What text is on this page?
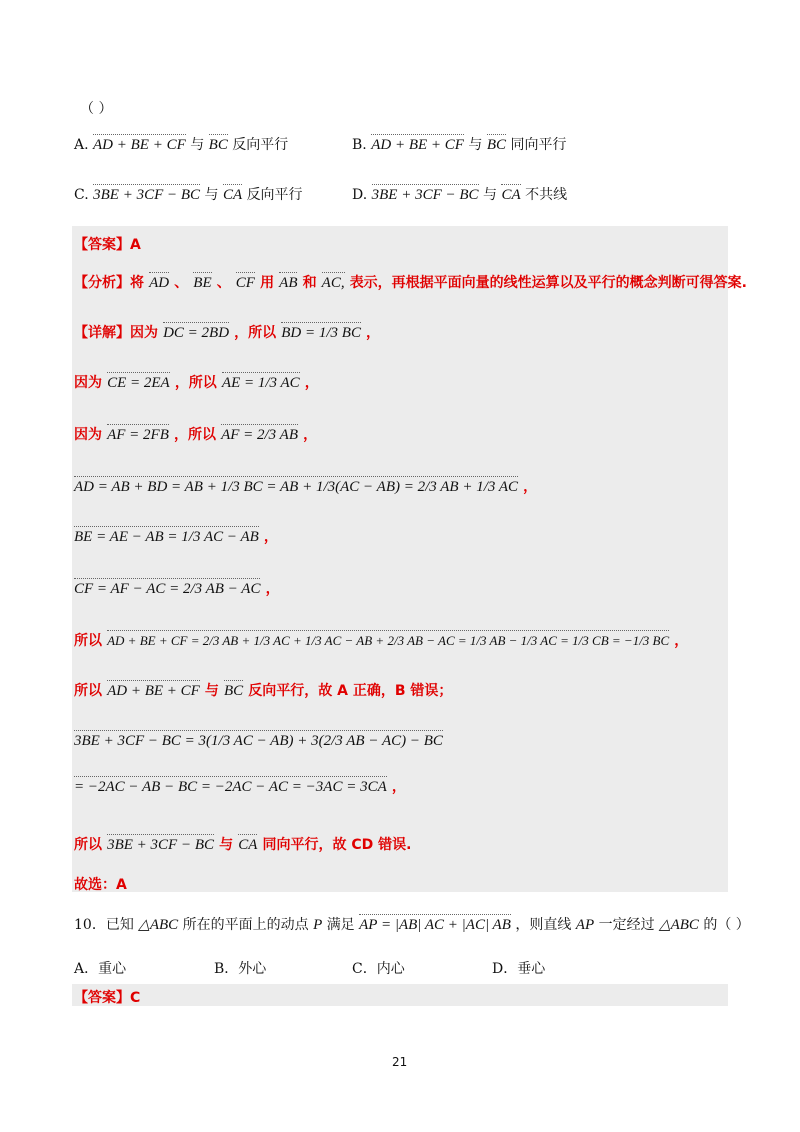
（ ）
A. AD + BE + CF 与 BC 反向平行	B. AD + BE + CF 与 BC 同向平行
C. 3BE + 3CF − BC 与 CA 反向平行	D. 3BE + 3CF − BC 与 CA 不共线
【答案】A
【分析】将 AD 、 BE 、 CF 用 AB 和 AC, 表示，再根据平面向量的线性运算以及平行的概念判断可得答案.
【详解】因为 DC = 2BD ，所以 BD = 1/3 BC ，
因为 CE = 2EA ，所以 AE = 1/3 AC ，
因为 AF = 2FB ，所以 AF = 2/3 AB ，
AD = AB + BD = AB + 1/3 BC = AB + 1/3(AC − AB) = 2/3 AB + 1/3 AC ，
BE = AE − AB = 1/3 AC − AB ，
CF = AF − AC = 2/3 AB − AC ，
所以 AD + BE + CF = 2/3 AB + 1/3 AC + 1/3 AC − AB + 2/3 AB − AC = 1/3 AB − 1/3 AC = 1/3 CB = −1/3 BC ，
所以 AD + BE + CF 与 BC 反向平行，故 A 正确，B 错误；
3BE + 3CF − BC = 3(1/3 AC − AB) + 3(2/3 AB − AC) − BC
= −2AC − AB − BC = −2AC − AC = −3AC = 3CA ，
所以 3BE + 3CF − BC 与 CA 同向平行，故 CD 错误.
故选：A
10．已知 △ABC 所在的平面上的动点 P 满足 AP = |AB| AC + |AC| AB ，则直线 AP 一定经过 △ABC 的（ ）
A．重心	B．外心	C．内心	D．垂心
【答案】C
21
